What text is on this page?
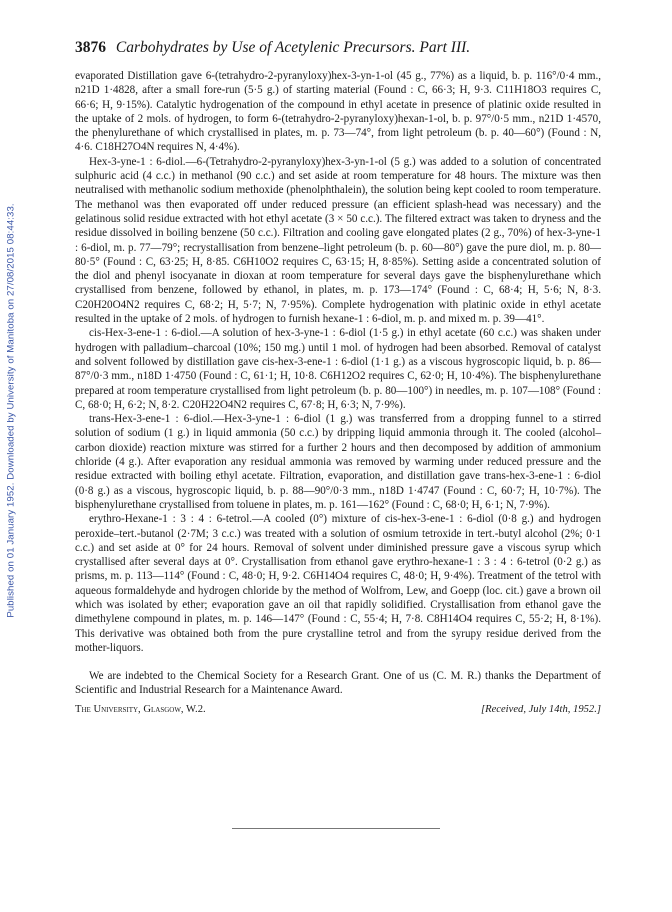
Published on 01 January 1952. Downloaded by University of Manitoba on 27/08/2015 08:44:33.
3876 Carbohydrates by Use of Acetylenic Precursors. Part III.

evaporated Distillation gave 6-(tetrahydro-2-pyranyloxy)hex-3-yn-1-ol (45 g., 77%) as a liquid, b. p. 116°/0·4 mm., n21D 1·4828, after a small fore-run (5·5 g.) of starting material (Found : C, 66·3; H, 9·3. C11H18O3 requires C, 66·6; H, 9·15%). Catalytic hydrogenation of the compound in ethyl acetate in presence of platinic oxide resulted in the uptake of 2 mols. of hydrogen, to form 6-(tetrahydro-2-pyranyloxy)hexan-1-ol, b. p. 97°/0·5 mm., n21D 1·4570, the phenylurethane of which crystallised in plates, m. p. 73—74°, from light petroleum (b. p. 40—60°) (Found : N, 4·6. C18H27O4N requires N, 4·4%).

Hex-3-yne-1 : 6-diol.—6-(Tetrahydro-2-pyranyloxy)hex-3-yn-1-ol (5 g.) was added to a solution of concentrated sulphuric acid (4 c.c.) in methanol (90 c.c.) and set aside at room temperature for 48 hours. The mixture was then neutralised with methanolic sodium methoxide (phenolphthalein), the solution being kept cooled to room temperature. The methanol was then evaporated off under reduced pressure (an efficient splash-head was necessary) and the gelatinous solid residue extracted with hot ethyl acetate (3 × 50 c.c.). The filtered extract was taken to dryness and the residue dissolved in boiling benzene (50 c.c.). Filtration and cooling gave elongated plates (2 g., 70%) of hex-3-yne-1 : 6-diol, m. p. 77—79°; recrystallisation from benzene–light petroleum (b. p. 60—80°) gave the pure diol, m. p. 80—80·5° (Found : C, 63·25; H, 8·85. C6H10O2 requires C, 63·15; H, 8·85%). Setting aside a concentrated solution of the diol and phenyl isocyanate in dioxan at room temperature for several days gave the bisphenylurethane which crystallised from benzene, followed by ethanol, in plates, m. p. 173—174° (Found : C, 68·4; H, 5·6; N, 8·3. C20H20O4N2 requires C, 68·2; H, 5·7; N, 7·95%). Complete hydrogenation with platinic oxide in ethyl acetate resulted in the uptake of 2 mols. of hydrogen to furnish hexane-1 : 6-diol, m. p. and mixed m. p. 39—41°.

cis-Hex-3-ene-1 : 6-diol.—A solution of hex-3-yne-1 : 6-diol (1·5 g.) in ethyl acetate (60 c.c.) was shaken under hydrogen with palladium–charcoal (10%; 150 mg.) until 1 mol. of hydrogen had been absorbed. Removal of catalyst and solvent followed by distillation gave cis-hex-3-ene-1 : 6-diol (1·1 g.) as a viscous hygroscopic liquid, b. p. 86—87°/0·3 mm., n18D 1·4750 (Found : C, 61·1; H, 10·8. C6H12O2 requires C, 62·0; H, 10·4%). The bisphenylurethane prepared at room temperature crystallised from light petroleum (b. p. 80—100°) in needles, m. p. 107—108° (Found : C, 68·0; H, 6·2; N, 8·2. C20H22O4N2 requires C, 67·8; H, 6·3; N, 7·9%).

trans-Hex-3-ene-1 : 6-diol.—Hex-3-yne-1 : 6-diol (1 g.) was transferred from a dropping funnel to a stirred solution of sodium (1 g.) in liquid ammonia (50 c.c.) by dripping liquid ammonia through it. The cooled (alcohol–carbon dioxide) reaction mixture was stirred for a further 2 hours and then decomposed by addition of ammonium chloride (4 g.). After evaporation any residual ammonia was removed by warming under reduced pressure and the residue extracted with boiling ethyl acetate. Filtration, evaporation, and distillation gave trans-hex-3-ene-1 : 6-diol (0·8 g.) as a viscous, hygroscopic liquid, b. p. 88—90°/0·3 mm., n18D 1·4747 (Found : C, 60·7; H, 10·7%). The bisphenylurethane crystallised from toluene in plates, m. p. 161—162° (Found : C, 68·0; H, 6·1; N, 7·9%).

erythro-Hexane-1 : 3 : 4 : 6-tetrol.—A cooled (0°) mixture of cis-hex-3-ene-1 : 6-diol (0·8 g.) and hydrogen peroxide–tert.-butanol (2·7M; 3 c.c.) was treated with a solution of osmium tetroxide in tert.-butyl alcohol (2%; 0·1 c.c.) and set aside at 0° for 24 hours. Removal of solvent under diminished pressure gave a viscous syrup which crystallised after several days at 0°. Crystallisation from ethanol gave erythro-hexane-1 : 3 : 4 : 6-tetrol (0·2 g.) as prisms, m. p. 113—114° (Found : C, 48·0; H, 9·2. C6H14O4 requires C, 48·0; H, 9·4%). Treatment of the tetrol with aqueous formaldehyde and hydrogen chloride by the method of Wolfrom, Lew, and Goepp (loc. cit.) gave a brown oil which was isolated by ether; evaporation gave an oil that rapidly solidified. Crystallisation from ethanol gave the dimethylene compound in plates, m. p. 146—147° (Found : C, 55·4; H, 7·8. C8H14O4 requires C, 55·2; H, 8·1%). This derivative was obtained both from the pure crystalline tetrol and from the syrupy residue derived from the mother-liquors.

We are indebted to the Chemical Society for a Research Grant. One of us (C. M. R.) thanks the Department of Scientific and Industrial Research for a Maintenance Award.

The University, Glasgow, W.2.	[Received, July 14th, 1952.]
